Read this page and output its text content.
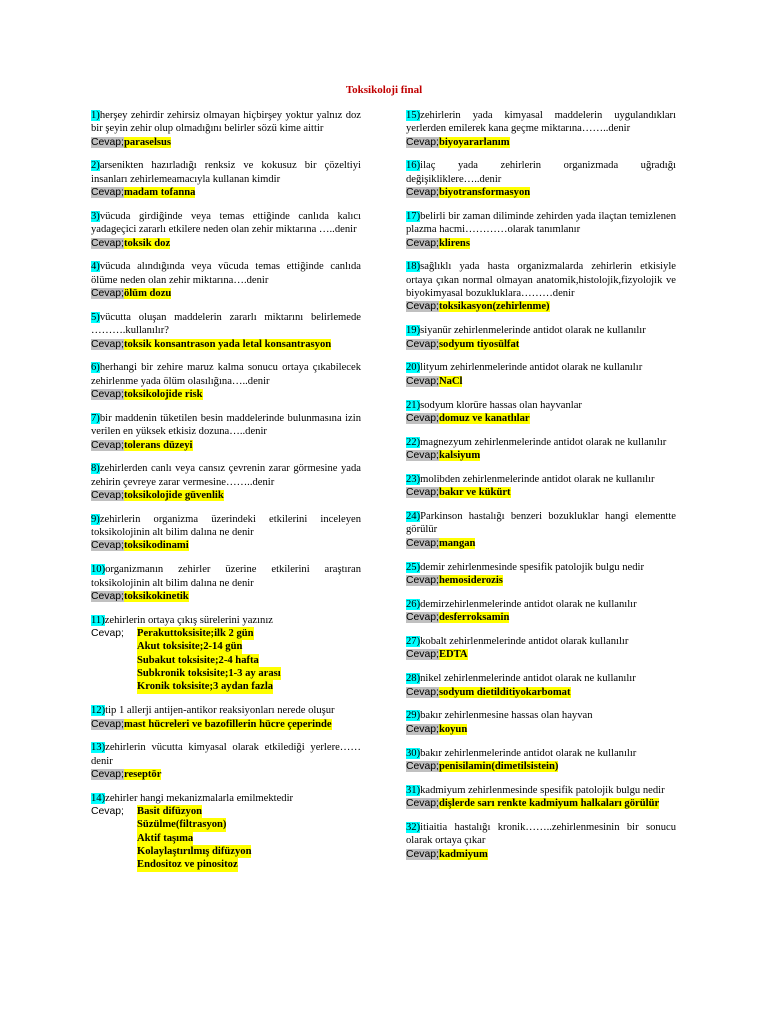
Toksikoloji final
1)herşey zehirdir zehirsiz olmayan hiçbirşey yoktur yalnız doz bir şeyin zehir olup olmadığını belirler sözü kime aittir
Cevap;paraselsus
2)arsenikten hazırladığı renksiz ve kokusuz bir çözeltiyi insanları zehirlemeamacıyla kullanan kimdir
Cevap;madam tofanna
3)vücuda girdiğinde veya temas ettiğinde canlıda kalıcı yadageçici zararlı etkilere neden olan zehir miktarına …..denir
Cevap;toksik doz
4)vücuda alındığında veya vücuda temas ettiğinde canlıda ölüme neden olan zehir miktarına….denir
Cevap;ölüm dozu
5)vücutta oluşan maddelerin zararlı miktarını belirlemede ……….kullanılır?
Cevap;toksik konsantrason yada letal konsantrasyon
6)herhangi bir zehire maruz kalma sonucu ortaya çıkabilecek zehirlenme yada ölüm olasılığına…..denir
Cevap;toksikolojide risk
7)bir maddenin tüketilen besin maddelerinde bulunmasına izin verilen en yüksek etkisiz dozuna…..denir
Cevap;tolerans düzeyi
8)zehirlerden canlı veya cansız çevrenin zarar görmesine yada zehirin çevreye zarar vermesine……..denir
Cevap;toksikolojide güvenlik
9)zehirlerin organizma üzerindeki etkilerini inceleyen toksikolojinin alt bilim dalına ne denir
Cevap;toksikodinami
10)organizmanın zehirler üzerine etkilerini araştıran toksikolojinin alt bilim dalına ne denir
Cevap;toksikokinetik
11)zehirlerin ortaya çıkış sürelerini yazınız
Cevap;	Perakuttoksisite;ilk 2 gün
Akut toksisite;2-14 gün
Subakut toksisite;2-4 hafta
Subkronik toksisite;1-3 ay arası
Kronik toksisite;3 aydan fazla
12)tip 1 allerji antijen-antikor reaksiyonları nerede oluşur
Cevap;mast hücreleri ve bazofillerin hücre çeperinde
13)zehirlerin vücutta kimyasal olarak etkilediği yerlere…… denir
Cevap;reseptör
14)zehirler hangi mekanizmalarla emilmektedir
Cevap;	Basit difüzyon
Süzülme(filtrasyon)
Aktif taşıma
Kolaylaştırılmış difüzyon
Endositoz ve pinositoz
15)zehirlerin yada kimyasal maddelerin uygulandıkları yerlerden emilerek kana geçme miktarına……..denir
Cevap;biyoyararlanım
16)ilaç yada zehirlerin organizmada uğradığı değişikliklere…..denir
Cevap;biyotransformasyon
17)belirli bir zaman diliminde zehirden yada ilaçtan temizlenen plazma hacmi…………olarak tanımlanır
Cevap;klirens
18)sağlıklı yada hasta organizmalarda zehirlerin etkisiyle ortaya çıkan normal olmayan anatomik,histolojik,fizyolojik ve biyokimyasal bozukluklara………denir
Cevap;toksikasyon(zehirlenme)
19)siyanür zehirlenmelerinde antidot olarak ne kullanılır
Cevap;sodyum tiyosülfat
20)lityum zehirlenmelerinde antidot olarak ne kullanılır
Cevap;NaCl
21)sodyum klorüre hassas olan hayvanlar
Cevap;domuz ve kanatlılar
22)magnezyum zehirlenmelerinde antidot olarak ne kullanılır
Cevap;kalsiyum
23)molibden zehirlenmelerinde antidot olarak ne kullanılır
Cevap;bakır ve kükürt
24)Parkinson hastalığı benzeri bozukluklar hangi elementte görülür
Cevap;mangan
25)demir zehirlenmesinde spesifik patolojik bulgu nedir
Cevap;hemosiderozis
26)demirzehirlenmelerinde antidot olarak ne kullanılır
Cevap;desferroksamin
27)kobalt zehirlenmelerinde antidot olarak kullanılır
Cevap;EDTA
28)nikel zehirlenmelerinde antidot olarak ne kullanılır
Cevap;sodyum dietilditiyokarbomat
29)bakır zehirlenmesine hassas olan hayvan
Cevap;koyun
30)bakır zehirlenmelerinde antidot olarak ne kullanılır
Cevap;penisilamin(dimetilsistein)
31)kadmiyum zehirlenmesinde spesifik patolojik bulgu nedir
Cevap;dişlerde sarı renkte kadmiyum halkaları görülür
32)itiaitia hastalığı kronik……..zehirlenmesinin bir sonucu olarak ortaya çıkar
Cevap;kadmiyum
